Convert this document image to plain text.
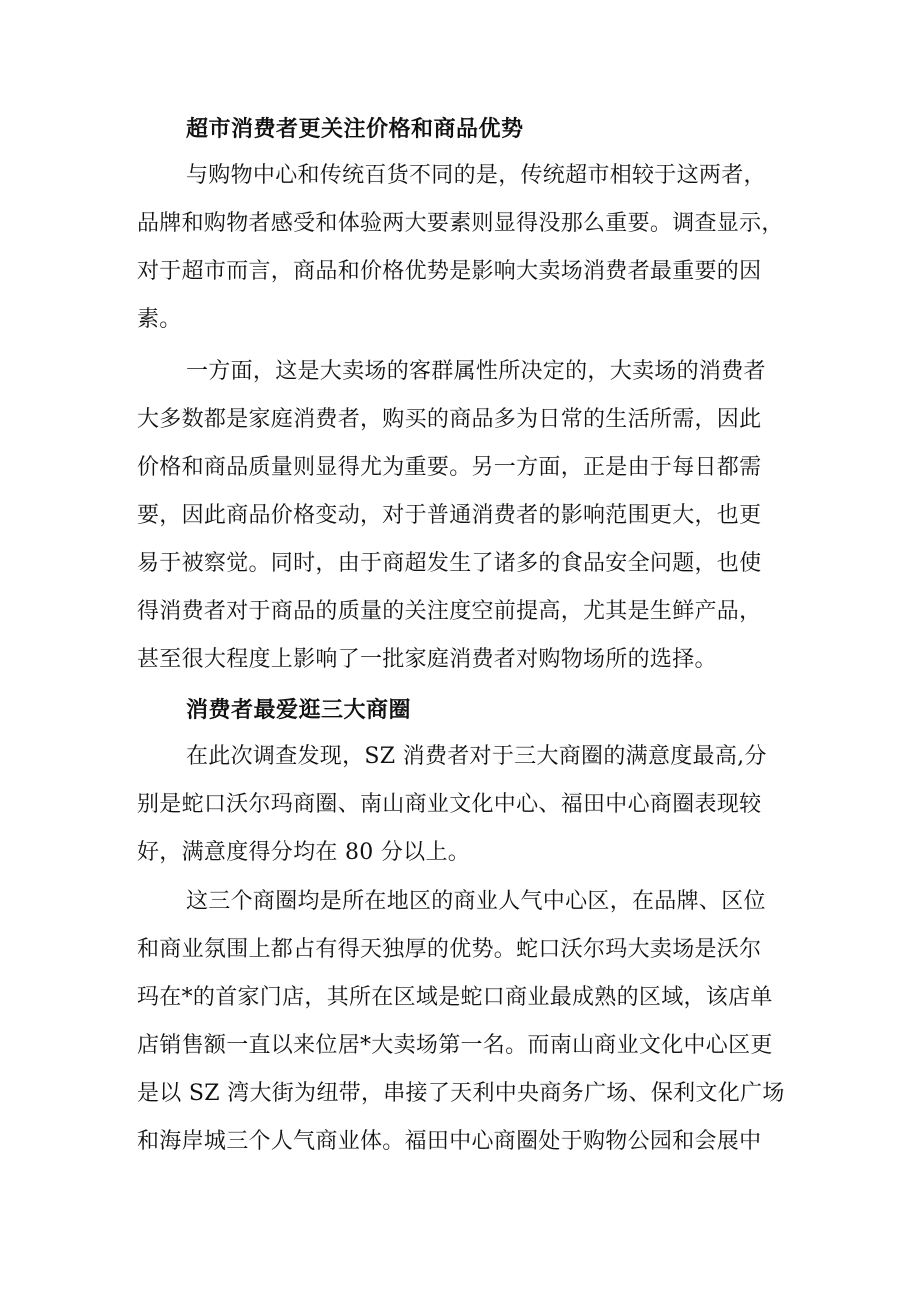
超市消费者更关注价格和商品优势
与购物中心和传统百货不同的是，传统超市相较于这两者，
品牌和购物者感受和体验两大要素则显得没那么重要。调查显示，
对于超市而言，商品和价格优势是影响大卖场消费者最重要的因
素。
一方面，这是大卖场的客群属性所决定的，大卖场的消费者
大多数都是家庭消费者，购买的商品多为日常的生活所需，因此
价格和商品质量则显得尤为重要。另一方面，正是由于每日都需
要，因此商品价格变动，对于普通消费者的影响范围更大，也更
易于被察觉。同时，由于商超发生了诸多的食品安全问题，也使
得消费者对于商品的质量的关注度空前提高，尤其是生鲜产品，
甚至很大程度上影响了一批家庭消费者对购物场所的选择。
消费者最爱逛三大商圈
在此次调查发现，SZ 消费者对于三大商圈的满意度最高,分
别是蛇口沃尔玛商圈、南山商业文化中心、福田中心商圈表现较
好，满意度得分均在 80 分以上。
这三个商圈均是所在地区的商业人气中心区，在品牌、区位
和商业氛围上都占有得天独厚的优势。蛇口沃尔玛大卖场是沃尔
玛在*的首家门店，其所在区域是蛇口商业最成熟的区域，该店单
店销售额一直以来位居*大卖场第一名。而南山商业文化中心区更
是以 SZ 湾大街为纽带，串接了天利中央商务广场、保利文化广场
和海岸城三个人气商业体。福田中心商圈处于购物公园和会展中
